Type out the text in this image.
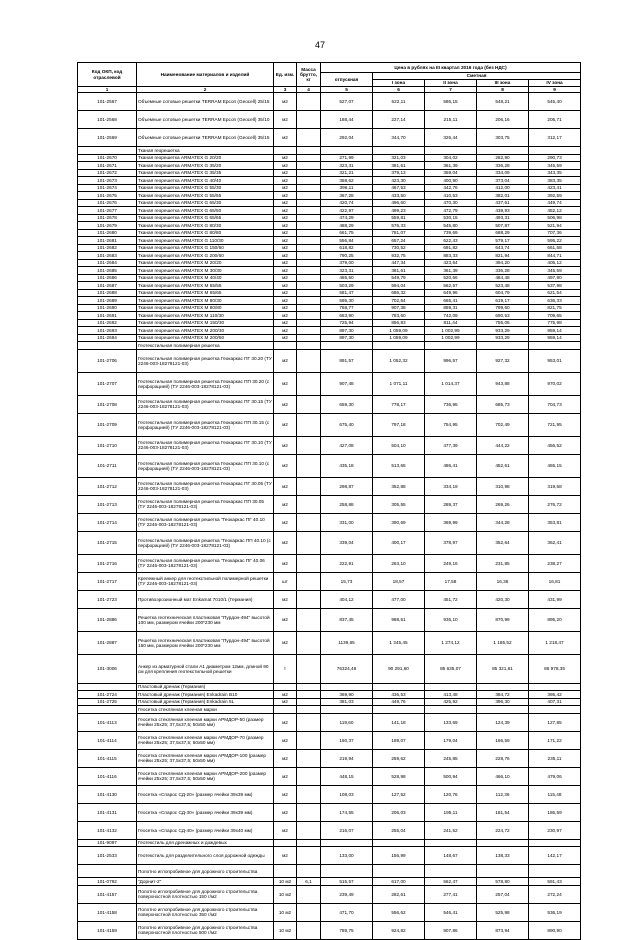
47
Код ОКП, код отраслевой	Наименование материалов и изделий	Ед. изм.	Масса брутто, кг	Цена в рублях на III квартал 2016 года (без НДС)				
				отпускная	Сметная			
					I зона	II зона	III зона	IV зона
1	2	3	4	5	6	7	8	9
101-2567	Объемные сотовые решетки TERRAM Ерсоп (Geocell) 25/15	м2		527,07	622,11	586,15	548,21	545,40
101-2568	Объемные сотовые решетки TERRAM Ерсоп (Geocell) 35/10	м2		188,44	227,14	215,11	206,16	205,71
101-2569	Объемные сотовые решетки TERRAM Ерсоп (Geocell) 35/15	м2		292,04	344,70	326,44	303,75	312,17
	Тканая георешетка							
101-2670	Тканая георешетка ARMATEX G 20/20	м2		271,99	321,03	304,02	282,90	290,73
101-2671	Тканая георешетка ARMATEX G 35/20	м2		323,31	381,61	361,39	336,28	345,59
101-2672	Тканая георешетка ARMATEX G 35/35	м2		321,21	379,13	359,04	334,09	343,35
101-2673	Тканая георешетка ARMATEX G 40/40	м2		358,62	423,30	400,90	373,04	383,35
101-2674	Тканая георешетка ARMATEX G 55/30	м2		396,11	467,53	442,76	412,00	423,41
101-2675	Тканая георешетка ARMATEX G 55/55	м2		367,28	433,50	410,53	382,01	392,59
101-2676	Тканая георешетка ARMATEX G 65/30	м2		420,74	496,60	470,30	437,61	449,74
101-2677	Тканая георешетка ARMATEX G 65/50	м2		422,97	499,23	472,79	439,93	452,12
101-2678	Тканая георешетка ARMATEX G 65/65	м2		474,29	559,81	530,15	493,31	506,98
101-2679	Тканая георешетка ARMATEX G 80/30	м2		488,29	576,33	545,80	507,87	521,94
101-2680	Тканая георешетка ARMATEX G 80/80	м2		661,75	781,07	739,69	688,29	707,36
101-2681	Тканая георешетка ARMATEX G 110/30	м2		556,84	657,24	622,43	579,17	595,22
101-2682	Тканая георешетка ARMATEX G 150/60	м2		618,82	730,52	691,82	643,74	661,58
101-2683	Тканая георешетка ARMATEX G 200/60	м2		790,25	932,75	883,33	821,94	844,71
101-2684	Тканая георешетка ARMATEX M 20/20	м2		379,00	447,34	423,64	394,20	405,12
101-2685	Тканая георешетка ARMATEX M 30/30	м2		323,31	381,61	361,39	336,28	345,59
101-2686	Тканая георешетка ARMATEX M 40/40	м2		465,50	549,79	520,66	484,48	497,90
101-2687	Тканая георешетка ARMATEX M 55/55	м2		503,29	594,04	562,57	523,48	537,98
101-2688	Тканая георешетка ARMATEX M 65/65	м2		581,47	686,32	649,96	604,79	621,54
101-2689	Тканая георешетка ARMATEX M 80/30	м2		595,30	702,64	665,41	619,17	636,33
101-2690	Тканая георешетка ARMATEX M 80/80	м2		768,77	907,38	859,31	799,60	821,75
101-2691	Тканая георешетка ARMATEX M 110/30	м2		663,90	783,60	742,09	690,53	709,65
101-2692	Тканая георешетка ARMATEX M 150/30	м2		725,94	856,83	811,44	755,06	775,98
101-2693	Тканая георешетка ARMATEX M 200/30	м2		897,30	1 059,09	1 002,99	933,29	959,14
101-2694	Тканая георешетка ARMATEX M 200/50	м2		897,30	1 059,09	1 002,99	933,29	959,14
	Геотекстильная полимерная решетка							
101-2706	Геотекстильная полимерная решетка Геокаркас ПГ 30.20 (ТУ 2246-003-18278121-03)	м2		891,57	1 052,32	996,57	927,32	953,01
101-2707	Геотекстильная полимерная решетка Геокаркас ПП 30.20 (с перфорацией) (ТУ 2246-003-18278121-03)	м2		907,48	1 071,11	1 014,37	943,88	970,02
101-2708	Геотекстильная полимерная решетка Геокаркас ПГ 30.15 (ТУ 2246-003-18278121-03)	м2		659,30	778,17	736,95	685,73	704,73
101-2709	Геотекстильная полимерная решетка Геокаркас ПП 30.15 (с перфорацией) (ТУ 2246-003-18278121-03)	м2		675,40	797,18	754,95	702,49	721,95
101-2710	Геотекстильная полимерная решетка Геокаркас ПГ 30.10 (ТУ 2246-003-18278121-03)	м2		427,08	504,10	477,39	444,22	456,52
101-2711	Геотекстильная полимерная решетка Геокаркас ПП 30.10 (с перфорацией) (ТУ 2246-003-18278121-03)	м2		435,18	513,65	486,41	452,61	465,15
101-2712	Геотекстильная полимерная решетка Геокаркас ПГ 30.05 (ТУ 2246-003-18278121-03)	м2		298,87	352,88	334,19	310,98	319,58
101-2713	Геотекстильная полимерная решетка Геокаркас ПП 30.05 (ТУ 2246-003-18278121-03)	м2		258,88	305,55	289,37	269,26	276,72
101-2714	Геотекстильная полимерная решетка "Геокаркас ПГ 40.10 (ТУ 2246-003-18278121-03)	м2		331,00	390,69	369,99	344,28	353,81
101-2715	Геотекстильная полимерная решетка "Геокаркас ПП 40.10 (с перфорацией) (ТУ 2246-003-18278121-03)	м2		339,04	400,17	378,97	352,64	362,41
101-2716	Геотекстильная полимерная решетка "Геокаркас ПГ 40.06 (ТУ 2246-003-18278121-03)	м2		222,91	263,10	249,16	231,85	238,27
101-2717	Крепежный анкер для геотекстильной полимерной решетки (ТУ 2246-003-18278121-03)	шт		15,73	18,57	17,58	16,36	16,81
101-2723	Противоэрозионный мат Enkamat 7010/1 (Германия)	м2		404,12	477,00	451,72	420,30	431,99
101-2886	Решетка геотехническая пластиковая "Пурдон-494" высотой 100 мм, размером ячейки 200*230 мм	м2		837,45	988,51	936,10	870,99	895,20
101-2887	Решетка геотехническая пластиковая "Пурдон-494" высотой 150 мм, размером ячейки 200*230 мм	м2		1139,65	1 345,45	1 274,12	1 185,52	1 218,47
101-3006	Анкер из арматурной стали А1 диаметром 12мм, длиной 90 см для крепления геотекстильной решетки	т		76324,48	90 291,60	85 635,07	85 321,61	86 978,35
	Пластовый дренаж (Германия)							
101-2724	Пластовый дренаж (Германия) Enkadrain B10	м2		369,90	436,53	413,48	384,72	395,42
101-2725	Пластовый дренаж (Германия) Enkadrain 5L	м2		381,03	449,76	425,92	396,30	407,31
	Геосетка стеклянная клееная марки							
101-4113	Геосетка стеклянная клееная марки АРМДОР-50 (размер ячейки 25х25; 37,5х37,5; 50х50 мм)	м2		119,60	141,18	133,69	124,39	127,85
101-4114	Геосетка стеклянная клееная марки АРМДОР-70 (размер ячейки 25х25; 37,5х37,5; 50х50 мм)	м2		160,37	189,07	179,04	166,59	171,22
101-4115	Геосетка стеклянная клееная марки АРМДОР-100 (размер ячейки 25х25; 37,5х37,5; 50х50 мм)	м2		219,94	259,62	245,85	228,76	235,11
101-4116	Геосетка стеклянная клееная марки АРМДОР-200 (размер ячейки 25х25; 37,5х37,5; 50х50 мм)	м2		448,15	528,98	500,94	466,10	479,06
101-4130	Геосетка «Спарос СД-20» (размер ячейки 39х39 мм)	м2		108,03	127,52	120,76	112,36	115,48
101-4131	Геосетка «Спарос СД-30» (размер ячейки 39х39 мм)	м2		174,55	206,03	195,11	181,54	186,59
101-4132	Геосетка «Спарос СД-40» (размер ячейки 39х40 мм)	м2		216,07	255,04	241,52	224,72	230,97
101-9097	Геотекстиль для дренажных и дождевых							
101-2533	Геотекстиль для разделительного слоя дорожной одежды	м2		133,00	156,99	148,67	138,33	142,17
	Полотно иглопробивное для дорожного строительства							
101-0792	"Дорнит-2"	10 м2	6,1	515,57	617,00	562,47	578,80	591,43
101-4157	Полотно иглопробивное для дорожного строительства поверхностной плотностью 150 г/м2	10 м2		239,49	282,61	277,41	257,04	272,24
101-4158	Полотно иглопробивное для дорожного строительства поверхностной плотностью 350 г/м2	10 м2		471,70	556,62	546,41	525,98	536,19
101-4159	Полотно иглопробивное для дорожного строительства поверхностной плотностью 500 г/м2	10 м2		789,75	924,82	907,86	873,94	890,90
